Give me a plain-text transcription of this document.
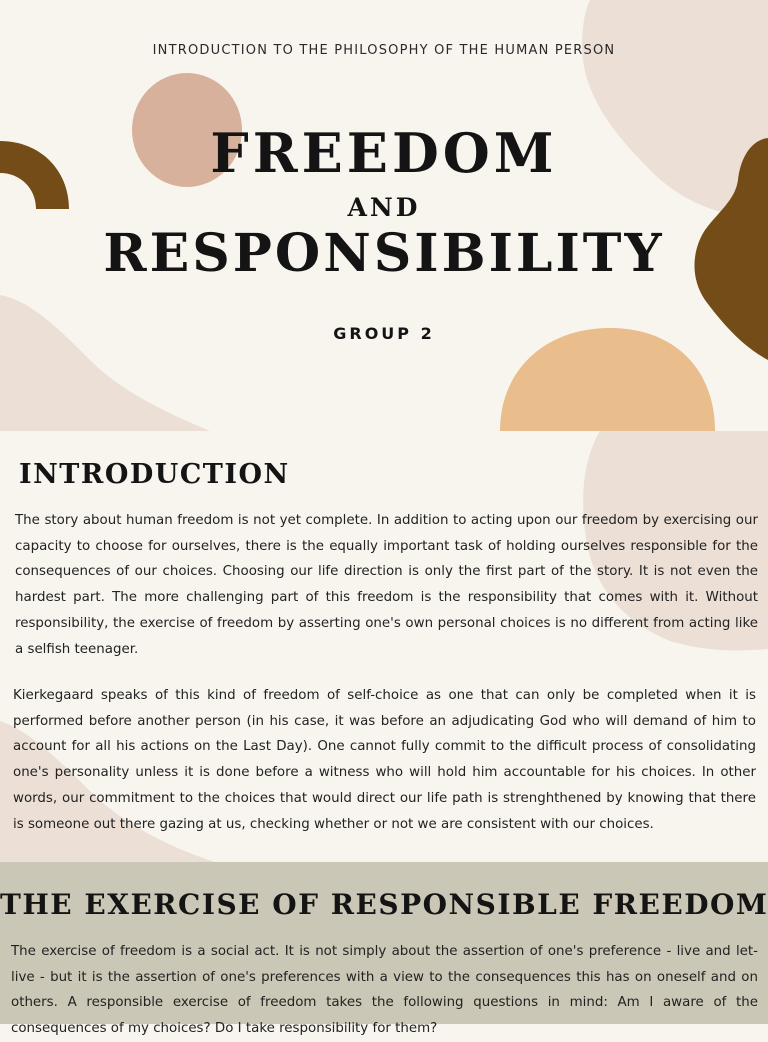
INTRODUCTION TO THE PHILOSOPHY OF THE HUMAN PERSON
FREEDOM
AND
RESPONSIBILITY
GROUP 2
INTRODUCTION

The story about human freedom is not yet complete. In addition to acting upon our freedom by exercising our capacity to choose for ourselves, there is the equally important task of holding ourselves responsible for the consequences of our choices. Choosing our life direction is only the first part of the story. It is not even the hardest part. The more challenging part of this freedom is the responsibility that comes with it. Without responsibility, the exercise of freedom by asserting one's own personal choices is no different from acting like a selfish teenager.

Kierkegaard speaks of this kind of freedom of self-choice as one that can only be completed when it is performed before another person (in his case, it was before an adjudicating God who will demand of him to account for all his actions on the Last Day). One cannot fully commit to the difficult process of consolidating one's personality unless it is done before a witness who will hold him accountable for his choices. In other words, our commitment to the choices that would direct our life path is strenghthened by knowing that there is someone out there gazing at us, checking whether or not we are consistent with our choices.

THE EXERCISE OF RESPONSIBLE FREEDOM

The exercise of freedom is a social act. It is not simply about the assertion of one's preference - live and let-live - but it is the assertion of one's preferences with a view to the consequences this has on oneself and on others. A responsible exercise of freedom takes the following questions in mind: Am I aware of the consequences of my choices? Do I take responsibility for them?
